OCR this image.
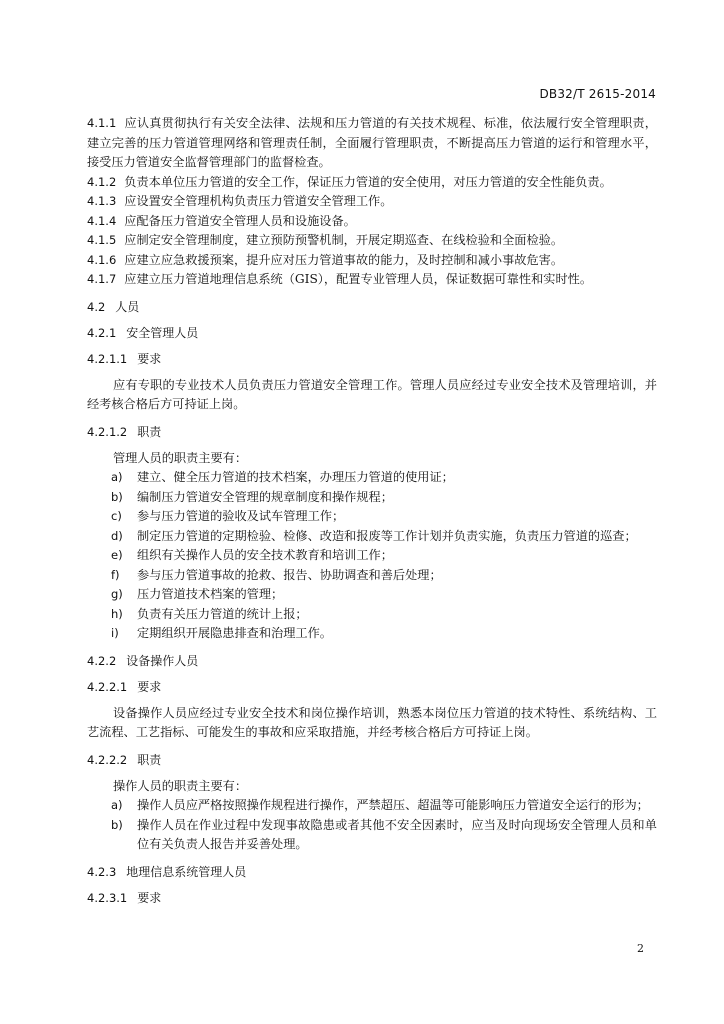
DB32/T 2615-2014

4.1.1 应认真贯彻执行有关安全法律、法规和压力管道的有关技术规程、标准，依法履行安全管理职责，建立完善的压力管道管理网络和管理责任制，全面履行管理职责，不断提高压力管道的运行和管理水平，接受压力管道安全监督管理部门的监督检查。

4.1.2 负责本单位压力管道的安全工作，保证压力管道的安全使用，对压力管道的安全性能负责。

4.1.3 应设置安全管理机构负责压力管道安全管理工作。

4.1.4 应配备压力管道安全管理人员和设施设备。

4.1.5 应制定安全管理制度，建立预防预警机制，开展定期巡查、在线检验和全面检验。

4.1.6 应建立应急救援预案，提升应对压力管道事故的能力，及时控制和减小事故危害。

4.1.7 应建立压力管道地理信息系统（GIS），配置专业管理人员，保证数据可靠性和实时性。

4.2 人员

4.2.1 安全管理人员

4.2.1.1 要求

应有专职的专业技术人员负责压力管道安全管理工作。管理人员应经过专业安全技术及管理培训，并经考核合格后方可持证上岗。

4.2.1.2 职责

管理人员的职责主要有：

a)	建立、健全压力管道的技术档案，办理压力管道的使用证；
b)	编制压力管道安全管理的规章制度和操作规程；
c)	参与压力管道的验收及试车管理工作；
d)	制定压力管道的定期检验、检修、改造和报废等工作计划并负责实施，负责压力管道的巡查；
e)	组织有关操作人员的安全技术教育和培训工作；
f)	参与压力管道事故的抢救、报告、协助调查和善后处理；
g)	压力管道技术档案的管理；
h)	负责有关压力管道的统计上报；
i)	定期组织开展隐患排查和治理工作。

4.2.2 设备操作人员

4.2.2.1 要求

设备操作人员应经过专业安全技术和岗位操作培训，熟悉本岗位压力管道的技术特性、系统结构、工艺流程、工艺指标、可能发生的事故和应采取措施，并经考核合格后方可持证上岗。

4.2.2.2 职责

操作人员的职责主要有：

a)	操作人员应严格按照操作规程进行操作，严禁超压、超温等可能影响压力管道安全运行的形为；
b)	操作人员在作业过程中发现事故隐患或者其他不安全因素时，应当及时向现场安全管理人员和单位有关负责人报告并妥善处理。

4.2.3 地理信息系统管理人员

4.2.3.1 要求

2
